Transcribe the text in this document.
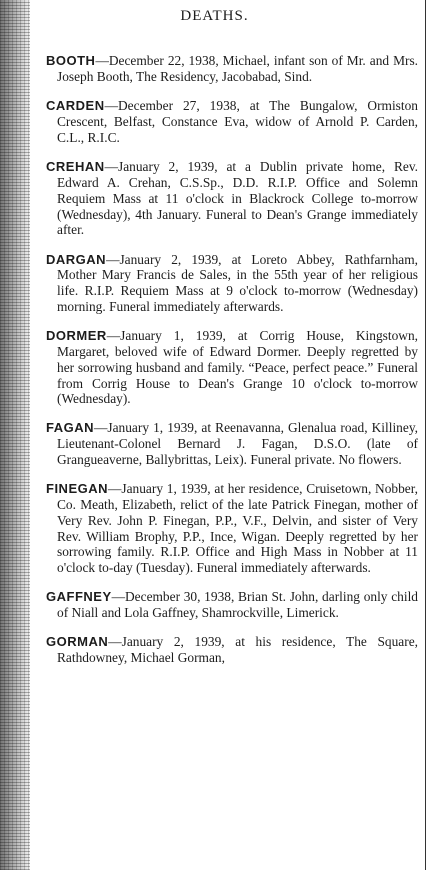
DEATHS.

BOOTH—December 22, 1938, Michael, infant son of Mr. and Mrs. Joseph Booth, The Residency, Jacobabad, Sind.

CARDEN—December 27, 1938, at The Bungalow, Ormiston Crescent, Belfast, Constance Eva, widow of Arnold P. Carden, C.L., R.I.C.

CREHAN—January 2, 1939, at a Dublin private home, Rev. Edward A. Crehan, C.S.Sp., D.D. R.I.P. Office and Solemn Requiem Mass at 11 o'clock in Blackrock College to-morrow (Wednesday), 4th January. Funeral to Dean's Grange immediately after.

DARGAN—January 2, 1939, at Loreto Abbey, Rathfarnham, Mother Mary Francis de Sales, in the 55th year of her religious life. R.I.P. Requiem Mass at 9 o'clock to-morrow (Wednesday) morning. Funeral immediately afterwards.

DORMER—January 1, 1939, at Corrig House, Kingstown, Margaret, beloved wife of Edward Dormer. Deeply regretted by her sorrowing husband and family. “Peace, perfect peace.” Funeral from Corrig House to Dean's Grange 10 o'clock to-morrow (Wednesday).

FAGAN—January 1, 1939, at Reenavanna, Glenalua road, Killiney, Lieutenant-Colonel Bernard J. Fagan, D.S.O. (late of Grangueaverne, Ballybrittas, Leix). Funeral private. No flowers.

FINEGAN—January 1, 1939, at her residence, Cruisetown, Nobber, Co. Meath, Elizabeth, relict of the late Patrick Finegan, mother of Very Rev. John P. Finegan, P.P., V.F., Delvin, and sister of Very Rev. William Brophy, P.P., Ince, Wigan. Deeply regretted by her sorrowing family. R.I.P. Office and High Mass in Nobber at 11 o'clock to-day (Tuesday). Funeral immediately afterwards.

GAFFNEY—December 30, 1938, Brian St. John, darling only child of Niall and Lola Gaffney, Shamrockville, Limerick.

GORMAN—January 2, 1939, at his residence, The Square, Rathdowney, Michael Gorman,
